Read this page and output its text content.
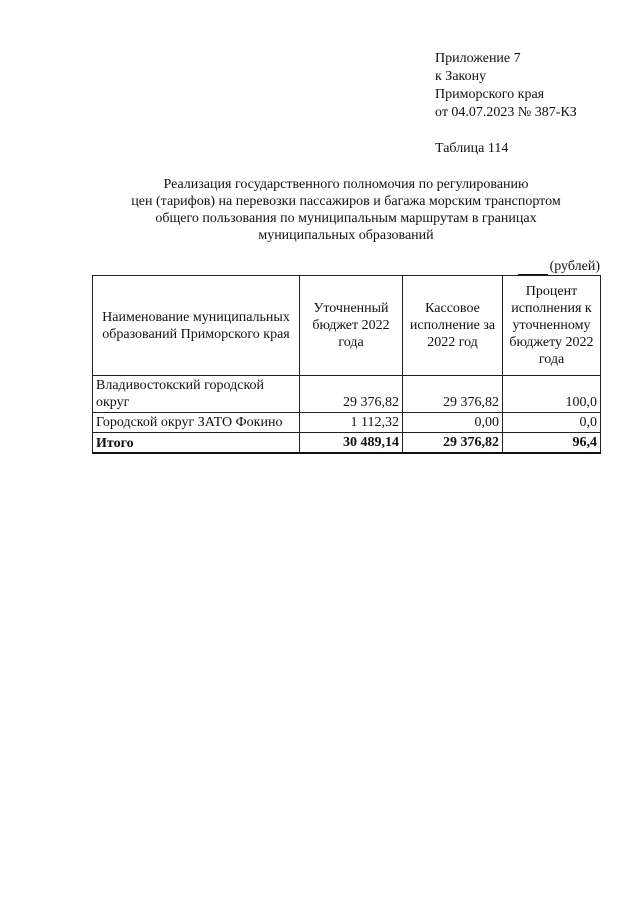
Приложение 7
к Закону
Приморского края
от 04.07.2023 № 387-КЗ
Таблица 114
Реализация государственного полномочия по регулированию
цен (тарифов) на перевозки пассажиров и багажа морским транспортом
общего пользования по муниципальным маршрутам в границах
муниципальных образований
(рублей)
Наименование муниципальных образований Приморского края	Уточненный бюджет 2022 года	Кассовое исполнение за 2022 год	Процент исполнения к уточненному бюджету 2022 года
Владивостокский городской округ	29 376,82	29 376,82	100,0
Городской округ ЗАТО Фокино	1 112,32	0,00	0,0
Итого	30 489,14	29 376,82	96,4
